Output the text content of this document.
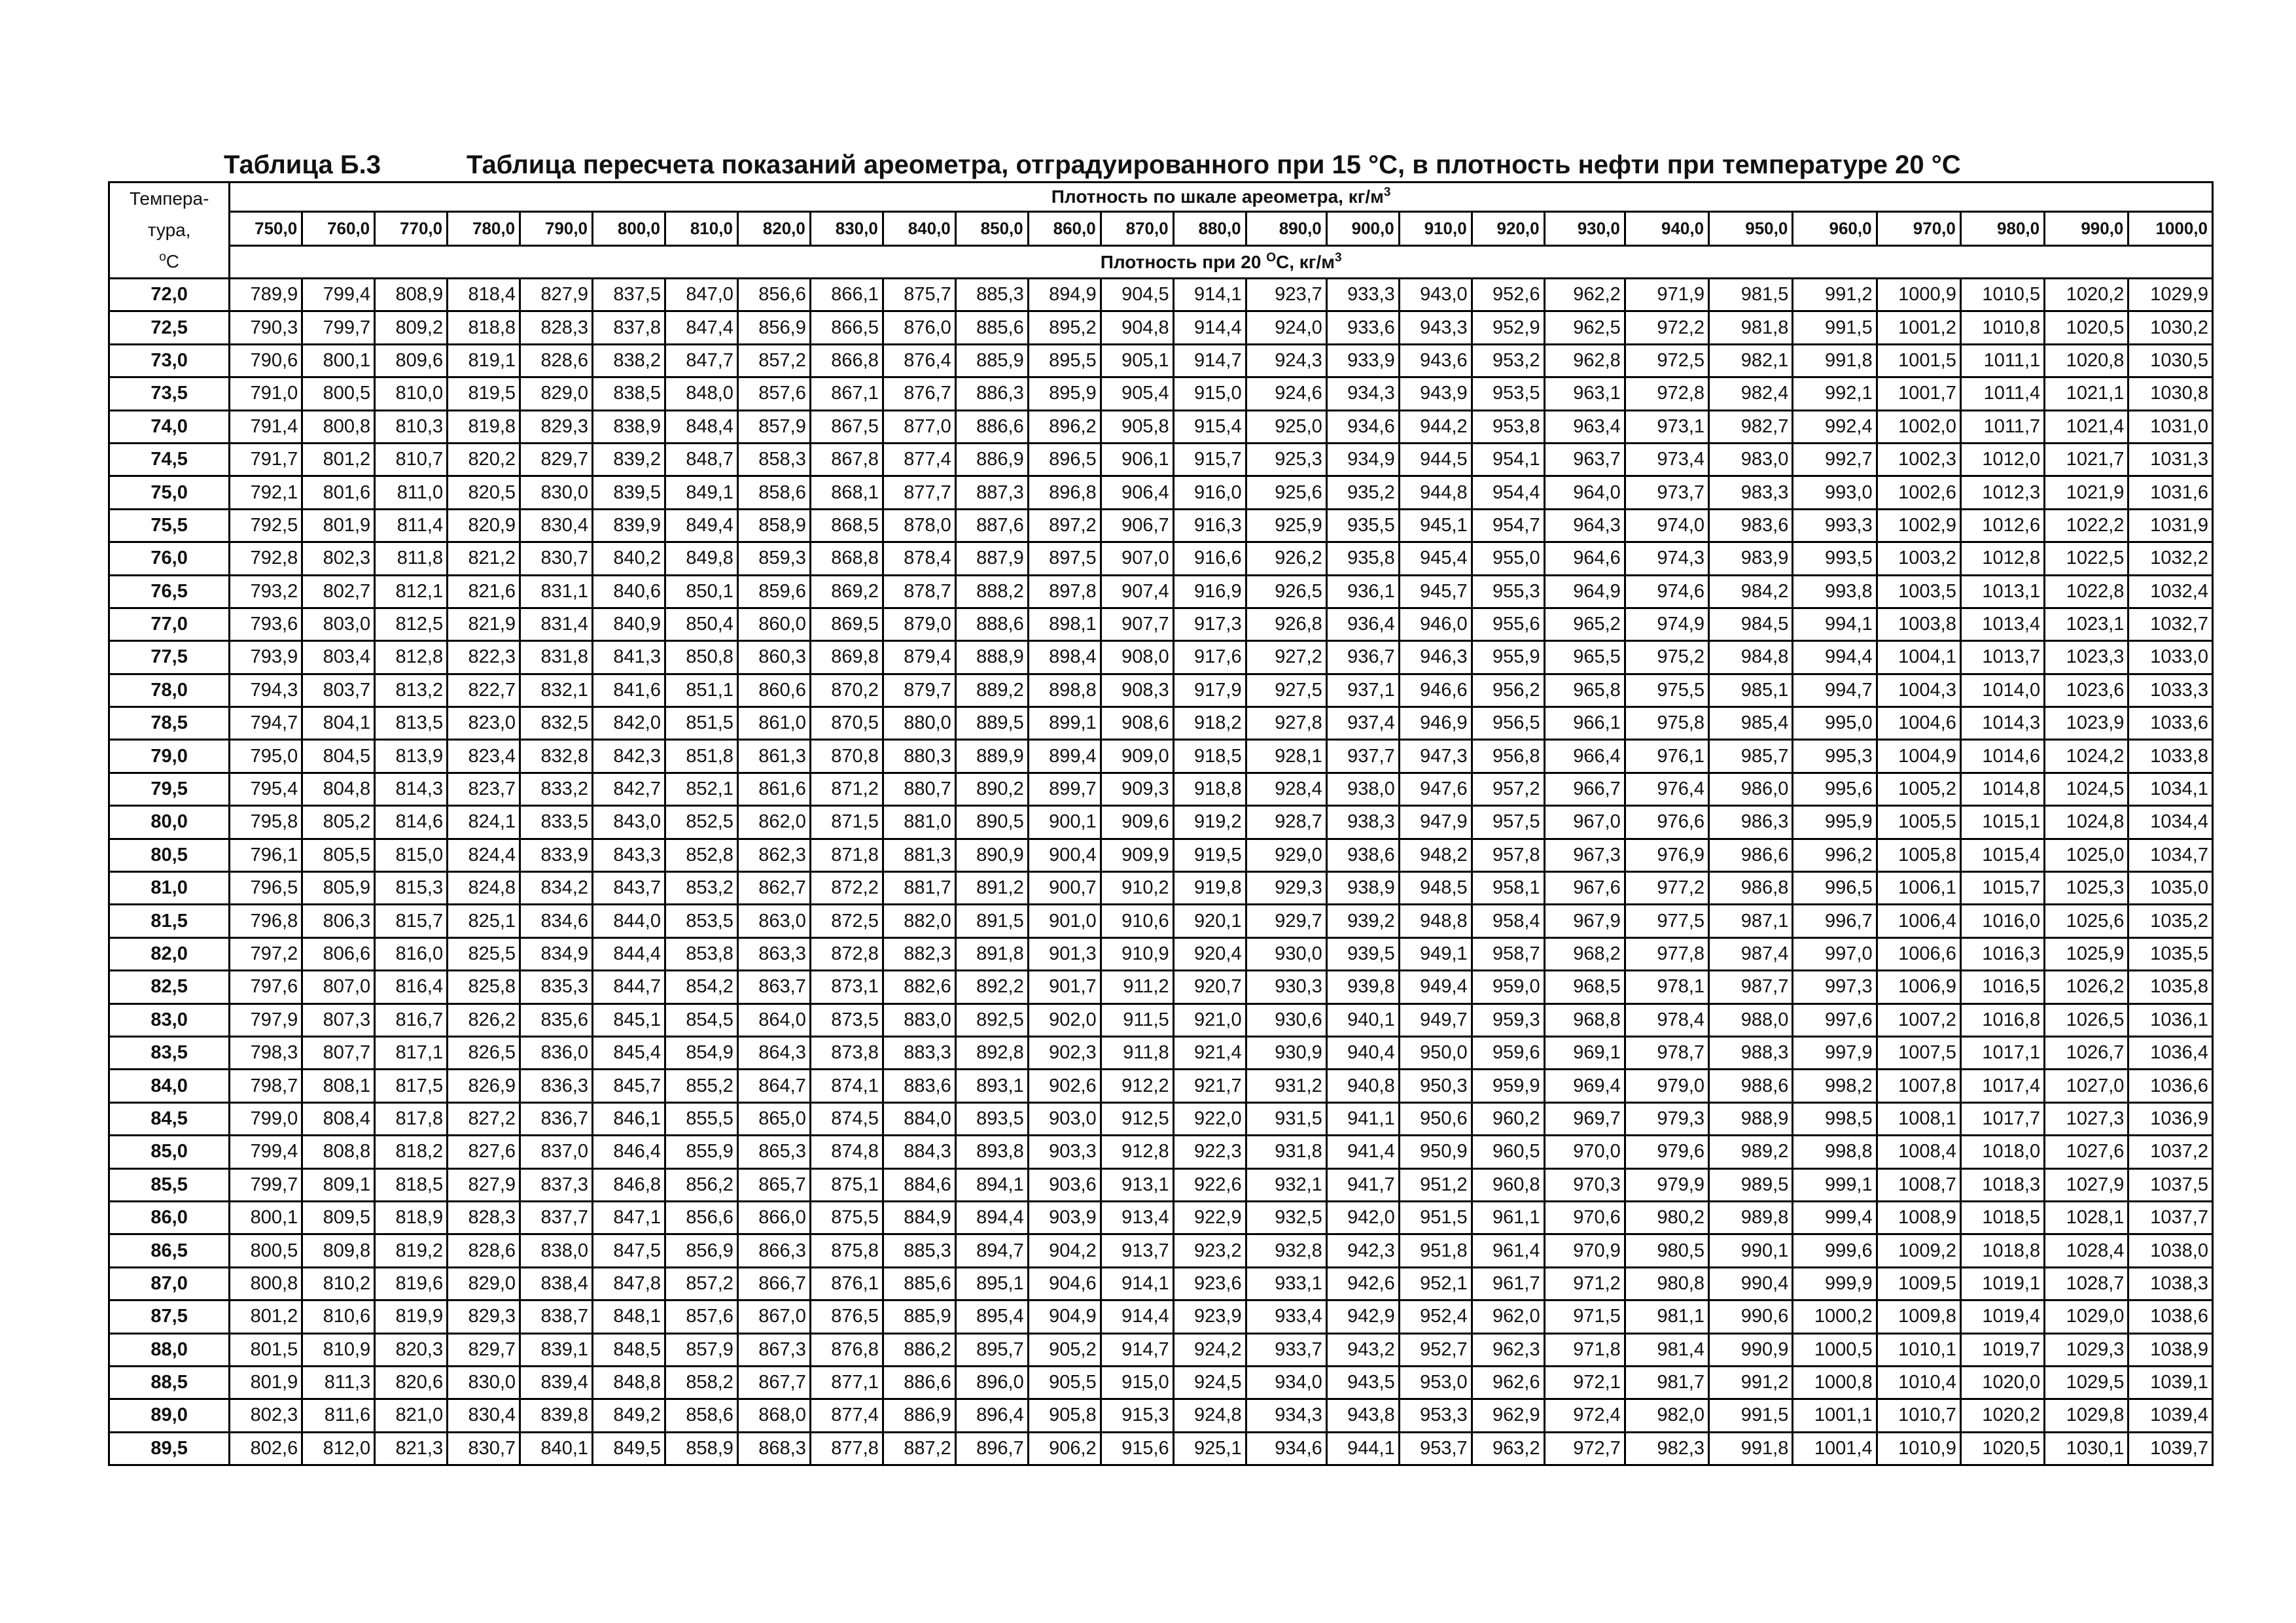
Таблица Б.3	Таблица пересчета показаний ареометра, отградуированного при 15 °C, в плотность нефти при температуре 20 °C
Темпера-
тура,
$^о$C	Плотность по шкале ареометра, $кг/м^3$
	750,0	760,0	770,0	780,0	790,0	800,0	810,0	820,0	830,0	840,0	850,0	860,0	870,0	880,0	890,0	900,0	910,0	920,0	930,0	940,0	950,0	960,0	970,0	980,0	990,0	1000,0
	Плотность при 20 $^О$С, $кг/м^3$
72,0	789,9	799,4	808,9	818,4	827,9	837,5	847,0	856,6	866,1	875,7	885,3	894,9	904,5	914,1	923,7	933,3	943,0	952,6	962,2	971,9	981,5	991,2	1000,9	1010,5	1020,2	1029,9
72,5	790,3	799,7	809,2	818,8	828,3	837,8	847,4	856,9	866,5	876,0	885,6	895,2	904,8	914,4	924,0	933,6	943,3	952,9	962,5	972,2	981,8	991,5	1001,2	1010,8	1020,5	1030,2
73,0	790,6	800,1	809,6	819,1	828,6	838,2	847,7	857,2	866,8	876,4	885,9	895,5	905,1	914,7	924,3	933,9	943,6	953,2	962,8	972,5	982,1	991,8	1001,5	1011,1	1020,8	1030,5
73,5	791,0	800,5	810,0	819,5	829,0	838,5	848,0	857,6	867,1	876,7	886,3	895,9	905,4	915,0	924,6	934,3	943,9	953,5	963,1	972,8	982,4	992,1	1001,7	1011,4	1021,1	1030,8
74,0	791,4	800,8	810,3	819,8	829,3	838,9	848,4	857,9	867,5	877,0	886,6	896,2	905,8	915,4	925,0	934,6	944,2	953,8	963,4	973,1	982,7	992,4	1002,0	1011,7	1021,4	1031,0
74,5	791,7	801,2	810,7	820,2	829,7	839,2	848,7	858,3	867,8	877,4	886,9	896,5	906,1	915,7	925,3	934,9	944,5	954,1	963,7	973,4	983,0	992,7	1002,3	1012,0	1021,7	1031,3
75,0	792,1	801,6	811,0	820,5	830,0	839,5	849,1	858,6	868,1	877,7	887,3	896,8	906,4	916,0	925,6	935,2	944,8	954,4	964,0	973,7	983,3	993,0	1002,6	1012,3	1021,9	1031,6
75,5	792,5	801,9	811,4	820,9	830,4	839,9	849,4	858,9	868,5	878,0	887,6	897,2	906,7	916,3	925,9	935,5	945,1	954,7	964,3	974,0	983,6	993,3	1002,9	1012,6	1022,2	1031,9
76,0	792,8	802,3	811,8	821,2	830,7	840,2	849,8	859,3	868,8	878,4	887,9	897,5	907,0	916,6	926,2	935,8	945,4	955,0	964,6	974,3	983,9	993,5	1003,2	1012,8	1022,5	1032,2
76,5	793,2	802,7	812,1	821,6	831,1	840,6	850,1	859,6	869,2	878,7	888,2	897,8	907,4	916,9	926,5	936,1	945,7	955,3	964,9	974,6	984,2	993,8	1003,5	1013,1	1022,8	1032,4
77,0	793,6	803,0	812,5	821,9	831,4	840,9	850,4	860,0	869,5	879,0	888,6	898,1	907,7	917,3	926,8	936,4	946,0	955,6	965,2	974,9	984,5	994,1	1003,8	1013,4	1023,1	1032,7
77,5	793,9	803,4	812,8	822,3	831,8	841,3	850,8	860,3	869,8	879,4	888,9	898,4	908,0	917,6	927,2	936,7	946,3	955,9	965,5	975,2	984,8	994,4	1004,1	1013,7	1023,3	1033,0
78,0	794,3	803,7	813,2	822,7	832,1	841,6	851,1	860,6	870,2	879,7	889,2	898,8	908,3	917,9	927,5	937,1	946,6	956,2	965,8	975,5	985,1	994,7	1004,3	1014,0	1023,6	1033,3
78,5	794,7	804,1	813,5	823,0	832,5	842,0	851,5	861,0	870,5	880,0	889,5	899,1	908,6	918,2	927,8	937,4	946,9	956,5	966,1	975,8	985,4	995,0	1004,6	1014,3	1023,9	1033,6
79,0	795,0	804,5	813,9	823,4	832,8	842,3	851,8	861,3	870,8	880,3	889,9	899,4	909,0	918,5	928,1	937,7	947,3	956,8	966,4	976,1	985,7	995,3	1004,9	1014,6	1024,2	1033,8
79,5	795,4	804,8	814,3	823,7	833,2	842,7	852,1	861,6	871,2	880,7	890,2	899,7	909,3	918,8	928,4	938,0	947,6	957,2	966,7	976,4	986,0	995,6	1005,2	1014,8	1024,5	1034,1
80,0	795,8	805,2	814,6	824,1	833,5	843,0	852,5	862,0	871,5	881,0	890,5	900,1	909,6	919,2	928,7	938,3	947,9	957,5	967,0	976,6	986,3	995,9	1005,5	1015,1	1024,8	1034,4
80,5	796,1	805,5	815,0	824,4	833,9	843,3	852,8	862,3	871,8	881,3	890,9	900,4	909,9	919,5	929,0	938,6	948,2	957,8	967,3	976,9	986,6	996,2	1005,8	1015,4	1025,0	1034,7
81,0	796,5	805,9	815,3	824,8	834,2	843,7	853,2	862,7	872,2	881,7	891,2	900,7	910,2	919,8	929,3	938,9	948,5	958,1	967,6	977,2	986,8	996,5	1006,1	1015,7	1025,3	1035,0
81,5	796,8	806,3	815,7	825,1	834,6	844,0	853,5	863,0	872,5	882,0	891,5	901,0	910,6	920,1	929,7	939,2	948,8	958,4	967,9	977,5	987,1	996,7	1006,4	1016,0	1025,6	1035,2
82,0	797,2	806,6	816,0	825,5	834,9	844,4	853,8	863,3	872,8	882,3	891,8	901,3	910,9	920,4	930,0	939,5	949,1	958,7	968,2	977,8	987,4	997,0	1006,6	1016,3	1025,9	1035,5
82,5	797,6	807,0	816,4	825,8	835,3	844,7	854,2	863,7	873,1	882,6	892,2	901,7	911,2	920,7	930,3	939,8	949,4	959,0	968,5	978,1	987,7	997,3	1006,9	1016,5	1026,2	1035,8
83,0	797,9	807,3	816,7	826,2	835,6	845,1	854,5	864,0	873,5	883,0	892,5	902,0	911,5	921,0	930,6	940,1	949,7	959,3	968,8	978,4	988,0	997,6	1007,2	1016,8	1026,5	1036,1
83,5	798,3	807,7	817,1	826,5	836,0	845,4	854,9	864,3	873,8	883,3	892,8	902,3	911,8	921,4	930,9	940,4	950,0	959,6	969,1	978,7	988,3	997,9	1007,5	1017,1	1026,7	1036,4
84,0	798,7	808,1	817,5	826,9	836,3	845,7	855,2	864,7	874,1	883,6	893,1	902,6	912,2	921,7	931,2	940,8	950,3	959,9	969,4	979,0	988,6	998,2	1007,8	1017,4	1027,0	1036,6
84,5	799,0	808,4	817,8	827,2	836,7	846,1	855,5	865,0	874,5	884,0	893,5	903,0	912,5	922,0	931,5	941,1	950,6	960,2	969,7	979,3	988,9	998,5	1008,1	1017,7	1027,3	1036,9
85,0	799,4	808,8	818,2	827,6	837,0	846,4	855,9	865,3	874,8	884,3	893,8	903,3	912,8	922,3	931,8	941,4	950,9	960,5	970,0	979,6	989,2	998,8	1008,4	1018,0	1027,6	1037,2
85,5	799,7	809,1	818,5	827,9	837,3	846,8	856,2	865,7	875,1	884,6	894,1	903,6	913,1	922,6	932,1	941,7	951,2	960,8	970,3	979,9	989,5	999,1	1008,7	1018,3	1027,9	1037,5
86,0	800,1	809,5	818,9	828,3	837,7	847,1	856,6	866,0	875,5	884,9	894,4	903,9	913,4	922,9	932,5	942,0	951,5	961,1	970,6	980,2	989,8	999,4	1008,9	1018,5	1028,1	1037,7
86,5	800,5	809,8	819,2	828,6	838,0	847,5	856,9	866,3	875,8	885,3	894,7	904,2	913,7	923,2	932,8	942,3	951,8	961,4	970,9	980,5	990,1	999,6	1009,2	1018,8	1028,4	1038,0
87,0	800,8	810,2	819,6	829,0	838,4	847,8	857,2	866,7	876,1	885,6	895,1	904,6	914,1	923,6	933,1	942,6	952,1	961,7	971,2	980,8	990,4	999,9	1009,5	1019,1	1028,7	1038,3
87,5	801,2	810,6	819,9	829,3	838,7	848,1	857,6	867,0	876,5	885,9	895,4	904,9	914,4	923,9	933,4	942,9	952,4	962,0	971,5	981,1	990,6	1000,2	1009,8	1019,4	1029,0	1038,6
88,0	801,5	810,9	820,3	829,7	839,1	848,5	857,9	867,3	876,8	886,2	895,7	905,2	914,7	924,2	933,7	943,2	952,7	962,3	971,8	981,4	990,9	1000,5	1010,1	1019,7	1029,3	1038,9
88,5	801,9	811,3	820,6	830,0	839,4	848,8	858,2	867,7	877,1	886,6	896,0	905,5	915,0	924,5	934,0	943,5	953,0	962,6	972,1	981,7	991,2	1000,8	1010,4	1020,0	1029,5	1039,1
89,0	802,3	811,6	821,0	830,4	839,8	849,2	858,6	868,0	877,4	886,9	896,4	905,8	915,3	924,8	934,3	943,8	953,3	962,9	972,4	982,0	991,5	1001,1	1010,7	1020,2	1029,8	1039,4
89,5	802,6	812,0	821,3	830,7	840,1	849,5	858,9	868,3	877,8	887,2	896,7	906,2	915,6	925,1	934,6	944,1	953,7	963,2	972,7	982,3	991,8	1001,4	1010,9	1020,5	1030,1	1039,7
